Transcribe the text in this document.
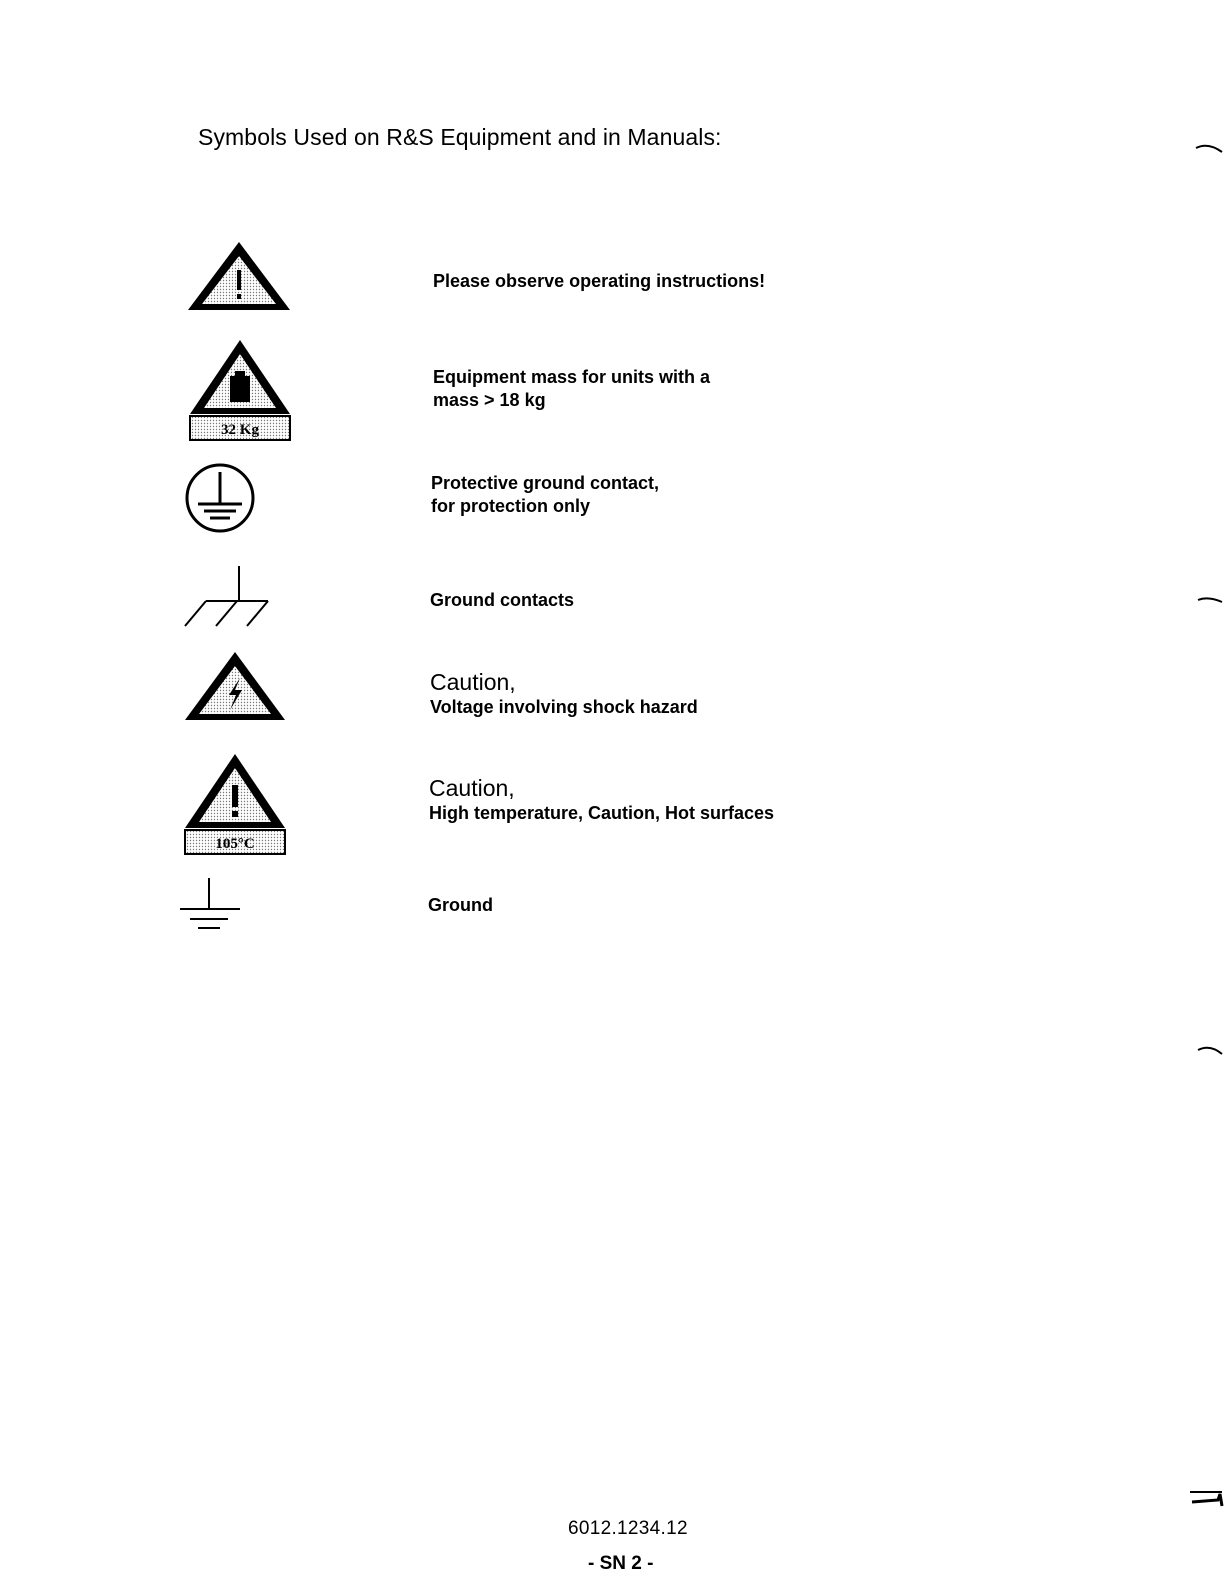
Symbols Used on R&S Equipment and in Manuals:
Please observe operating instructions!
32 Kg
Equipment mass for units with a
mass > 18 kg
Protective ground contact,
for protection only
Ground contacts
Caution,
Voltage involving shock hazard
105°C
Caution,
High temperature, Caution, Hot surfaces
Ground
6012.1234.12
- SN 2 -
